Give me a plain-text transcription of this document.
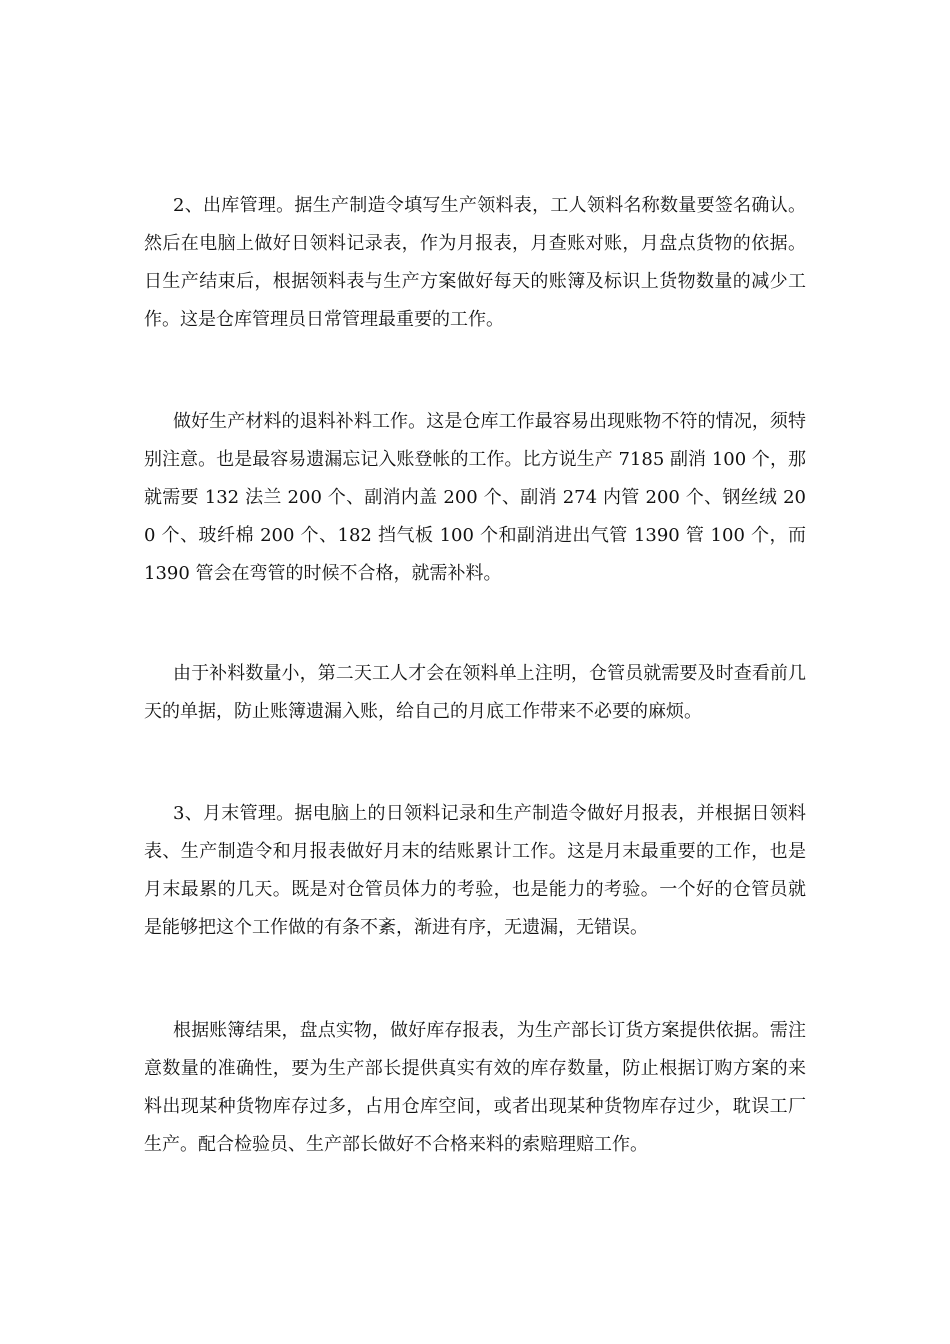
2、出库管理。据生产制造令填写生产领料表，工人领料名称数量要签名确认。然后在电脑上做好日领料记录表，作为月报表，月查账对账，月盘点货物的依据。日生产结束后，根据领料表与生产方案做好每天的账簿及标识上货物数量的减少工作。这是仓库管理员日常管理最重要的工作。

做好生产材料的退料补料工作。这是仓库工作最容易出现账物不符的情况，须特别注意。也是最容易遗漏忘记入账登帐的工作。比方说生产 7185 副消 100 个，那就需要 132 法兰 200 个、副消内盖 200 个、副消 274 内管 200 个、钢丝绒 200 个、玻纤棉 200 个、182 挡气板 100 个和副消进出气管 1390 管 100 个，而 1390 管会在弯管的时候不合格，就需补料。

由于补料数量小，第二天工人才会在领料单上注明，仓管员就需要及时查看前几天的单据，防止账簿遗漏入账，给自己的月底工作带来不必要的麻烦。

3、月末管理。据电脑上的日领料记录和生产制造令做好月报表，并根据日领料表、生产制造令和月报表做好月末的结账累计工作。这是月末最重要的工作，也是月末最累的几天。既是对仓管员体力的考验，也是能力的考验。一个好的仓管员就是能够把这个工作做的有条不紊，渐进有序，无遗漏，无错误。

根据账簿结果，盘点实物，做好库存报表，为生产部长订货方案提供依据。需注意数量的准确性，要为生产部长提供真实有效的库存数量，防止根据订购方案的来料出现某种货物库存过多，占用仓库空间，或者出现某种货物库存过少，耽误工厂生产。配合检验员、生产部长做好不合格来料的索赔理赔工作。
